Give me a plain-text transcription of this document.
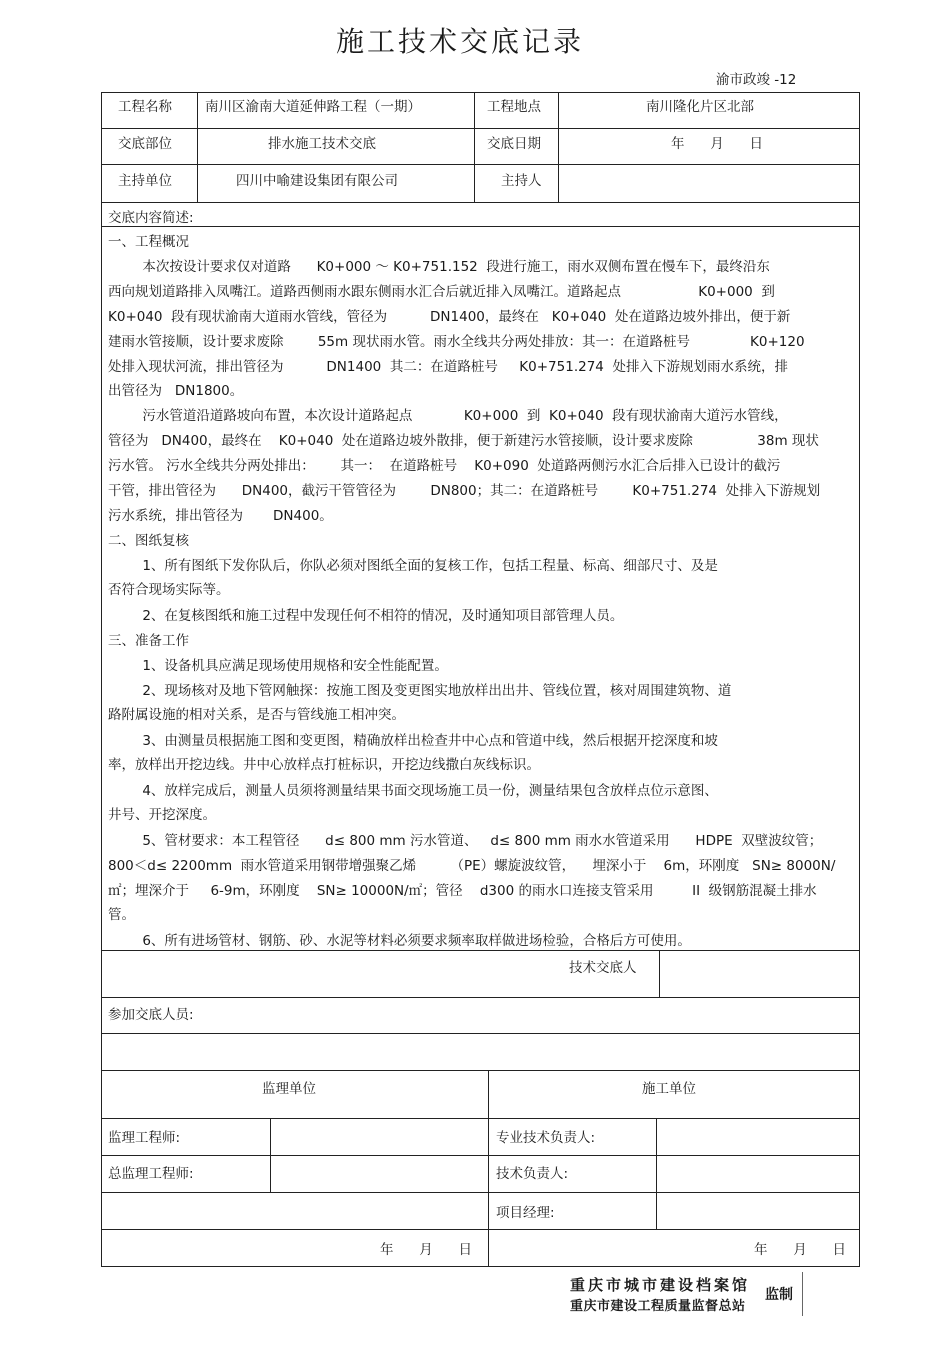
施工技术交底记录
渝市政竣 -12
工程名称 南川区渝南大道延伸路工程（一期）	工程地点	南川隆化片区北部
交底部位	排水施工技术交底	交底日期	年      月      日
主持单位	四川中喻建设集团有限公司	主持人
交底内容简述:
一、工程概况
本次按设计要求仅对道路      K0+000 ～ K0+751.152  段进行施工，雨水双侧布置在慢车下，最终沿东
西向规划道路排入凤嘴江。道路西侧雨水跟东侧雨水汇合后就近排入凤嘴江。道路起点                  K0+000  到
K0+040  段有现状渝南大道雨水管线，管径为          DN1400，最终在   K0+040  处在道路边坡外排出，便于新
建雨水管接顺，设计要求废除        55m 现状雨水管。雨水全线共分两处排放：其一：在道路桩号              K0+120
处排入现状河流，排出管径为          DN1400  其二：在道路桩号     K0+751.274  处排入下游规划雨水系统，排
出管径为   DN1800。
污水管道沿道路坡向布置，本次设计道路起点            K0+000  到  K0+040  段有现状渝南大道污水管线，
管径为   DN400，最终在    K0+040  处在道路边坡外散排，便于新建污水管接顺，设计要求废除               38m 现状
污水管。 污水全线共分两处排出：      其一：  在道路桩号    K0+090  处道路两侧污水汇合后排入已设计的截污
干管，排出管径为      DN400，截污干管管径为        DN800；其二：在道路桩号        K0+751.274  处排入下游规划
污水系统，排出管径为       DN400。
二、图纸复核
1、所有图纸下发你队后，你队必须对图纸全面的复核工作，包括工程量、标高、细部尺寸、及是
否符合现场实际等。
2、在复核图纸和施工过程中发现任何不相符的情况，及时通知项目部管理人员。
三、准备工作
1、设备机具应满足现场使用规格和安全性能配置。
2、现场核对及地下管网触探：按施工图及变更图实地放样出出井、管线位置，核对周围建筑物、道
路附属设施的相对关系，是否与管线施工相冲突。
3、由测量员根据施工图和变更图，精确放样出检查井中心点和管道中线，然后根据开挖深度和坡
率，放样出开挖边线。井中心放样点打桩标识，开挖边线撒白灰线标识。
4、放样完成后，测量人员须将测量结果书面交现场施工员一份，测量结果包含放样点位示意图、
井号、开挖深度。
5、管材要求：本工程管径      d≤ 800 mm 污水管道、   d≤ 800 mm 雨水水管道采用      HDPE  双壁波纹管；
800＜d≤ 2200mm  雨水管道采用钢带增强聚乙烯        （PE）螺旋波纹管，    埋深小于    6m，环刚度   SN≥ 8000N/
㎡；埋深介于     6-9m，环刚度    SN≥ 10000N/㎡；管径    d300 的雨水口连接支管采用         II  级钢筋混凝土排水
管。
6、所有进场管材、钢筋、砂、水泥等材料必须要求频率取样做进场检验，合格后方可使用。
技术交底人
参加交底人员:
监理单位	施工单位
监理工程师:	专业技术负责人:
总监理工程师:	技术负责人:
项目经理:
年      月      日	年      月      日
重庆市城市建设档案馆
重庆市建设工程质量监督总站
监制
